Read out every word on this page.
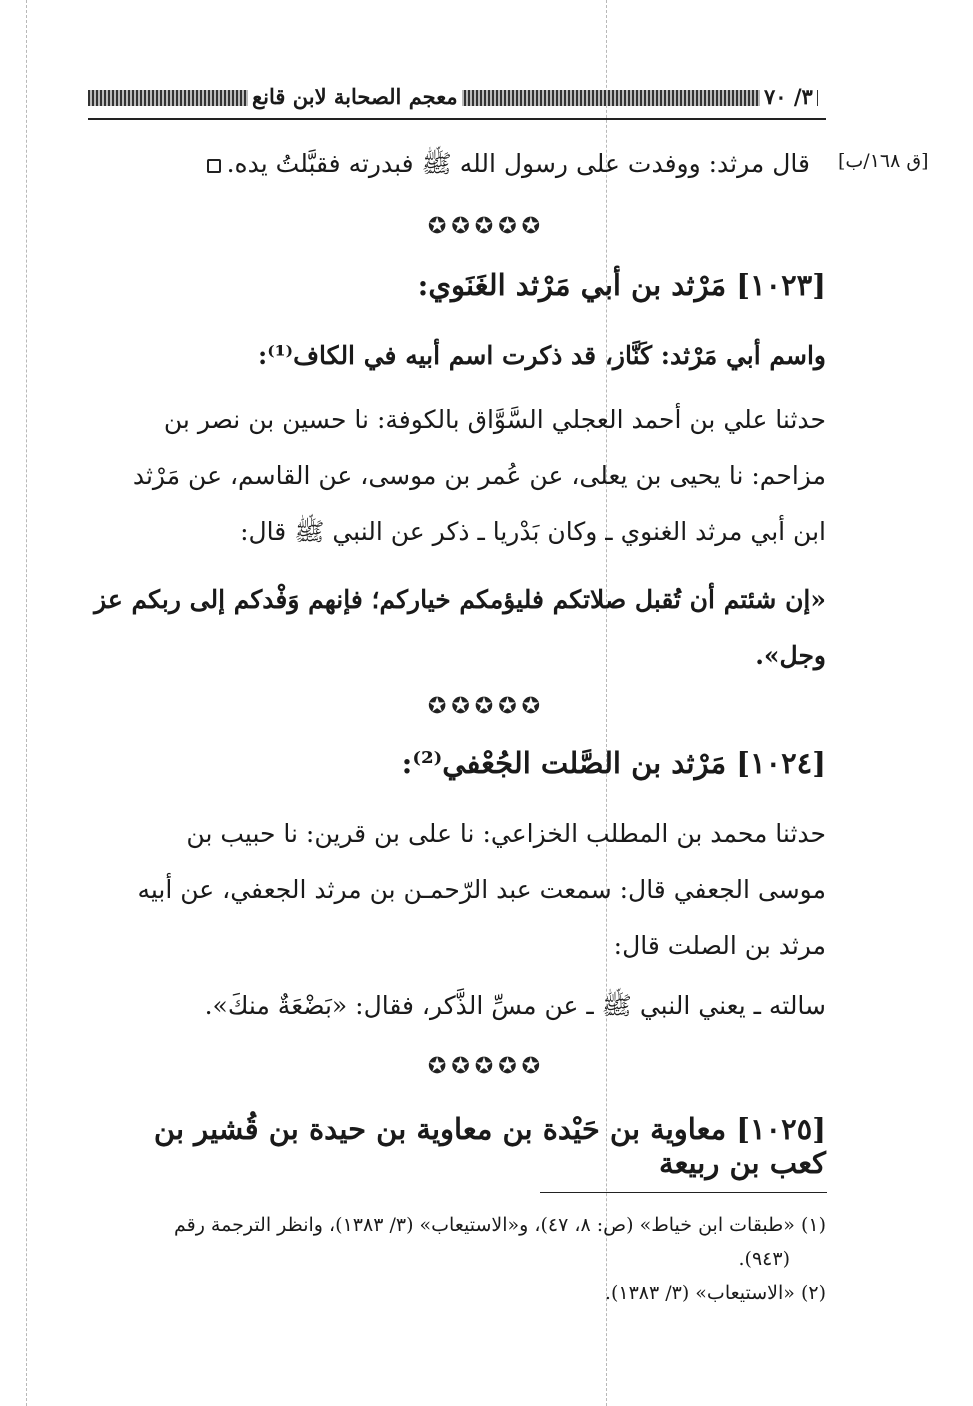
معجم الصحابة لابن قانع	٣/ ٧٠
[ق ١٦٨/ب]
قال مرثد: ووفدت على رسول الله ﷺ فبدرته فقبَّلتُ يده.
✪✪✪✪✪
[١٠٢٣] مَرْثد بن أبي مَرْثد الغَنَوي:
واسم أبي مَرْثد: كَنَّاز، قد ذكرت اسم أبيه في الكاف⁽¹⁾:
حدثنا علي بن أحمد العجلي السَّوَّاق بالكوفة: نا حسين بن نصر بن
مزاحم: نا يحيى بن يعلى، عن عُمر بن موسى، عن القاسم، عن مَرْثد
ابن أبي مرثد الغنوي ـ وكان بَدْريا ـ ذكر عن النبي ﷺ قال:
«إن شئتم أن تُقبل صلاتكم فليؤمكم خياركم؛ فإنهم وَفْدكم إلى ربكم عز
وجل».
✪✪✪✪✪
[١٠٢٤] مَرْثد بن الصَّلت الجُعْفي⁽²⁾:
حدثنا محمد بن المطلب الخزاعي: نا على بن قرين: نا حبيب بن
موسى الجعفي قال: سمعت عبد الرّحمـن بن مرثد الجعفي، عن أبيه
مرثد بن الصلت قال:
سالته ـ يعني النبي ﷺ ـ عن مسِّ الذَّكر، فقال: «بَضْعَةٌ منكَ».
✪✪✪✪✪
[١٠٢٥] معاوية بن حَيْدة بن معاوية بن حيدة بن قُشير بن كعب بن ربيعة
(١) «طبقات ابن خياط» (ص: ٨، ٤٧)، و«الاستيعاب» (٣/ ١٣٨٣)، وانظر الترجمة رقم
(٩٤٣).
(٢) «الاستيعاب» (٣/ ١٣٨٣).
